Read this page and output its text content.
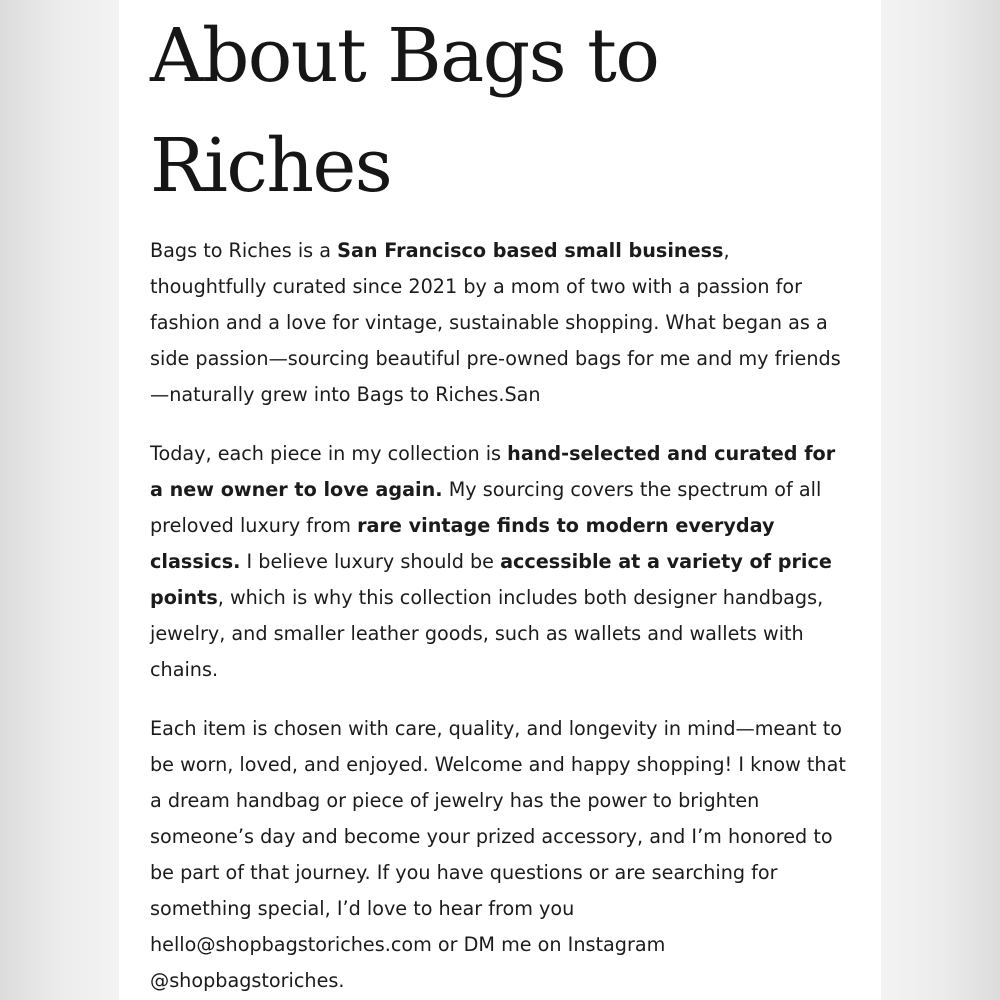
About Bags to
Riches

Bags to Riches is a San Francisco based small business, thoughtfully curated since 2021 by a mom of two with a passion for fashion and a love for vintage, sustainable shopping. What began as a side passion—sourcing beautiful pre-owned bags for me and my friends—naturally grew into Bags to Riches.San

Today, each piece in my collection is hand-selected and curated for a new owner to love again. My sourcing covers the spectrum of all preloved luxury from rare vintage finds to modern everyday classics. I believe luxury should be accessible at a variety of price points, which is why this collection includes both designer handbags, jewelry, and smaller leather goods, such as wallets and wallets with chains.

Each item is chosen with care, quality, and longevity in mind—meant to be worn, loved, and enjoyed. Welcome and happy shopping! I know that a dream handbag or piece of jewelry has the power to brighten someone’s day and become your prized accessory, and I’m honored to be part of that journey. If you have questions or are searching for something special, I’d love to hear from you hello@shopbagstoriches.com or DM me on Instagram @shopbagstoriches.
